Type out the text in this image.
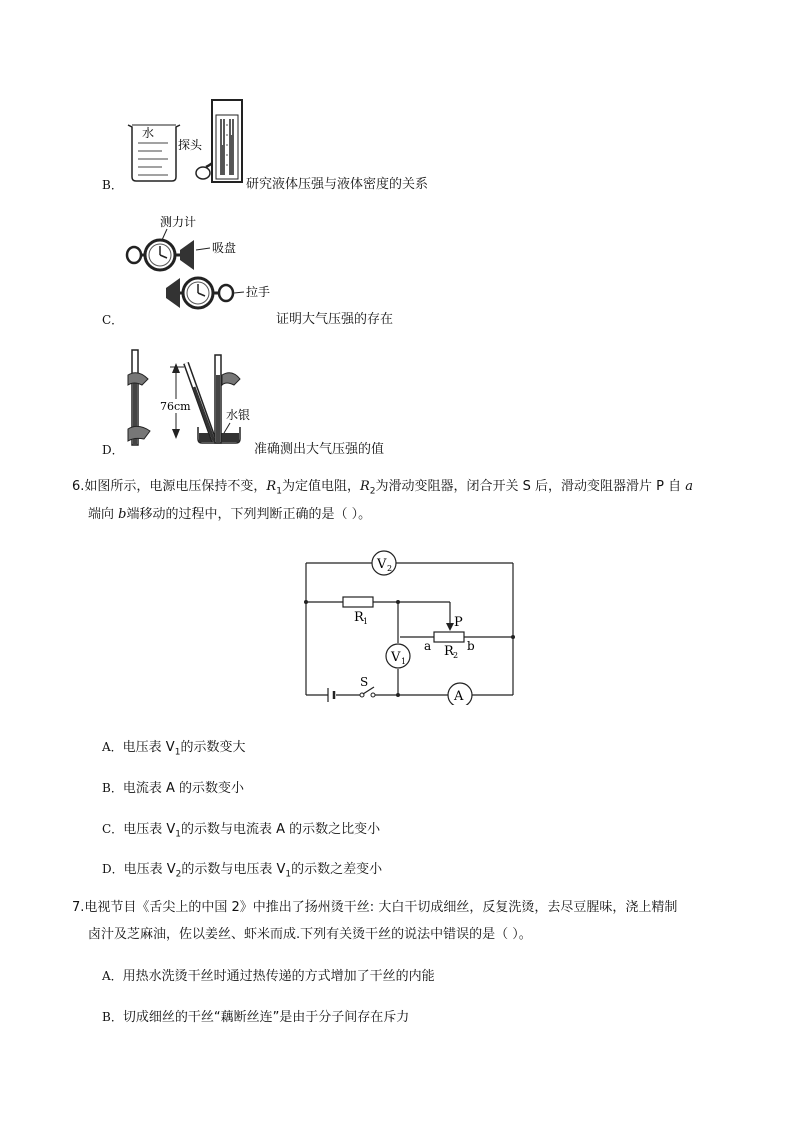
B．
水
探头
研究液体压强与液体密度的关系
C．
测力计
吸盘
拉手
证明大气压强的存在
D．
76cm
水银
准确测出大气压强的值
6.如图所示，电源电压保持不变，$R_1$为定值电阻，$R_2$为滑动变阻器，闭合开关 S 后，滑动变阻器滑片 P 自 a
端向 b端移动的过程中，下列判断正确的是（ ）。
V 2
V 1
A
R 1
R 2
P
a	b
S
A．电压表 $V_1$的示数变大
B．电流表 A 的示数变小
C．电压表 $V_1$的示数与电流表 A 的示数之比变小
D．电压表 $V_2$的示数与电压表 $V_1$的示数之差变小
7.电视节目《舌尖上的中国 2》中推出了扬州烫干丝: 大白干切成细丝，反复洗烫，去尽豆腥味，浇上精制
卤汁及芝麻油，佐以姜丝、虾米而成.下列有关烫干丝的说法中错误的是（ ）。
A．用热水洗烫干丝时通过热传递的方式增加了干丝的内能
B．切成细丝的干丝“藕断丝连”是由于分子间存在斥力
